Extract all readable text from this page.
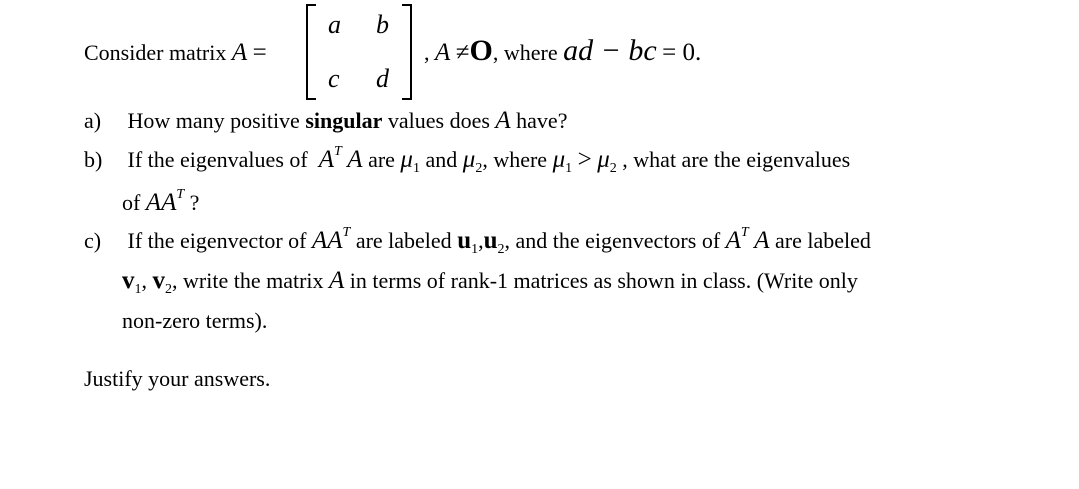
Consider matrix A =
a b
c d
, A ≠O, where ad − bc = 0.
a) How many positive singular values does A have?
b) If the eigenvalues of $A^T$ A are $\mu_1$ and $\mu_2$, where $\mu_1 > \mu_2$ , what are the eigenvalues
of $AA^T$ ?
c) If the eigenvector of $AA^T$ are labeled $u_1,u_2$, and the eigenvectors of $A^T$ A are labeled
$v_1$, $v_2$, write the matrix A in terms of rank-1 matrices as shown in class. (Write only
non-zero terms).
Justify your answers.
